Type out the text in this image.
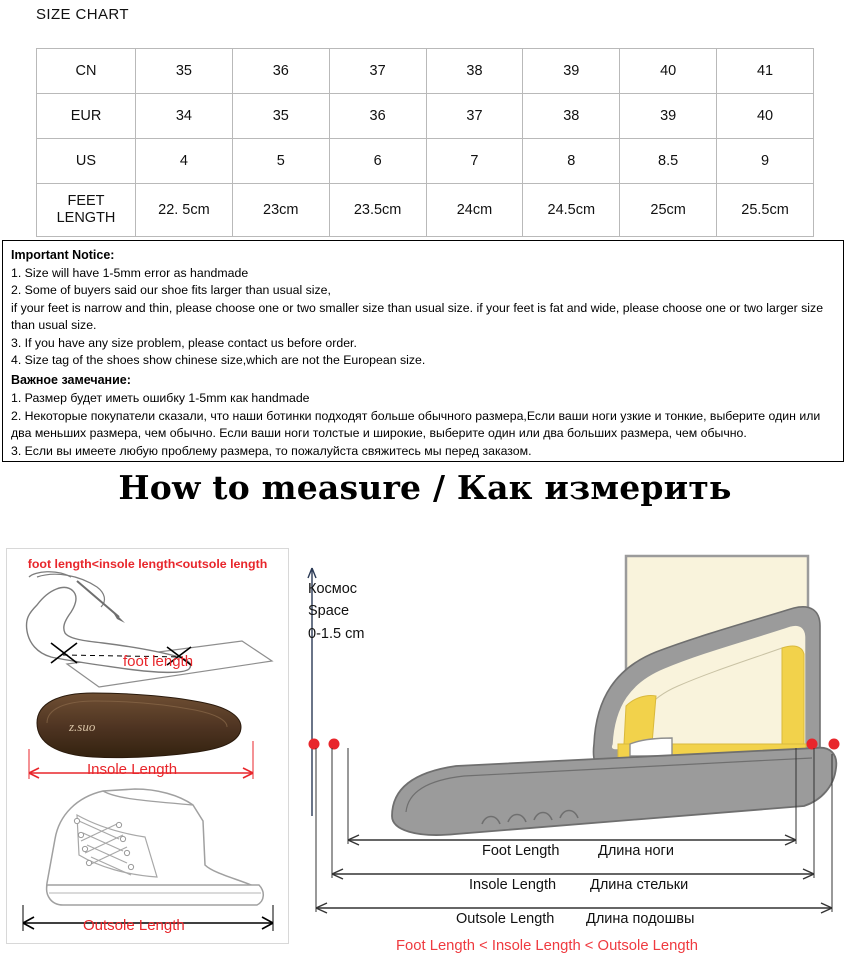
SIZE CHART
CN	35	36	37	38	39	40	41
EUR	34	35	36	37	38	39	40
US	4	5	6	7	8	8.5	9

FEET
LENGTH	22. 5cm	23cm	23.5cm	24cm	24.5cm	25cm	25.5cm
Important Notice:
1. Size will have 1-5mm error as handmade
2. Some of buyers said our shoe fits larger than usual size,
if your feet is narrow and thin, please choose one or two smaller size than usual size. if your feet is fat and wide, please choose one or two larger size than usual size.
3. If you have any size problem, please contact us before order.
4. Size tag of the shoes show chinese size,which are not the European size.
Важное замечание:
1. Размер будет иметь ошибку 1-5mm как handmade
2. Некоторые покупатели сказали, что наши ботинки подходят больше обычного размера,Если ваши ноги узкие и тонкие, выберите один или два меньших размера, чем обычно. Если ваши ноги толстые и широкие, выберите один или два больших размера, чем обычно.
3. Если вы имеете любую проблему размера, то пожалуйста свяжитесь мы перед заказом.
How to measure / Как измерить
foot length<insole length<outsole length
foot length
z.suo
Insole Length
Outsole Length
Космос
Space
0-1.5 cm
Foot Length	Длина ноги
Insole Length Длина стельки
Outsole Length Длина подошвы
Foot Length < Insole Length < Outsole Length
